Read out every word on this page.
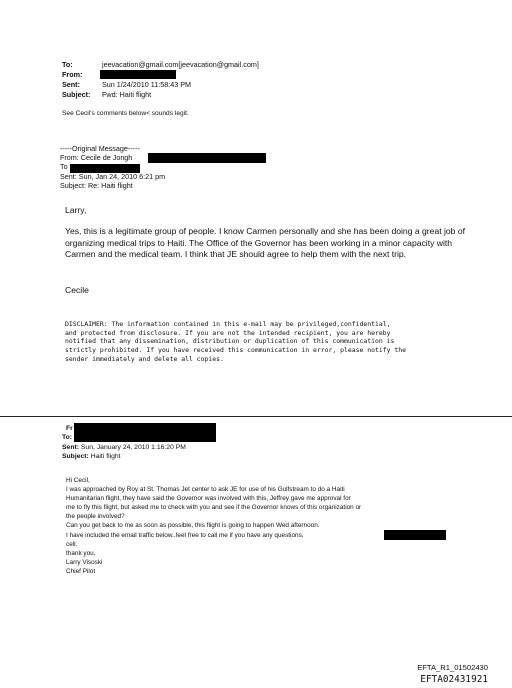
To:	jeevacation@gmail.com[jeevacation@gmail.com]
From:
Sent:	Sun 1/24/2010 11:58:43 PM
Subject: Fwd: Haiti flight
See Cecil's comments below< sounds legit.
-----Original Message-----
From: Cecile de Jongh
To
Sent: Sun, Jan 24, 2010 6:21 pm
Subject: Re: Haiti flight
Larry,
Yes, this is a legitimate group of people. I know Carmen personally and she has been doing a great job of organizing medical trips to Haiti. The Office of the Governor has been working in a minor capacity with Carmen and the medical team. I think that JE should agree to help them with the next trip.
Cecile
DISCLAIMER: The information contained in this e-mail may be privileged,confidential,
and protected from disclosure. If you are not the intended recipient, you are hereby
notified that any dissemination, distribution or duplication of this communication is
strictly prohibited. If you have received this communication in error, please notify the
sender immediately and delete all copies.
Fr
To:
Sent: Sun, January 24, 2010 1:16:20 PM
Subject: Haiti flight
Hi Cecil,
I was approached by Roy at St. Thomas Jet center to ask JE for use of his Gulfstream to do a Haiti
Humanitarian flight, they have said the Governor was involved with this, Jeffrey gave me approval for
me to fly this flight, but asked me to check with you and see if the Governor knows of this organization or
the people involved?
Can you get back to me as soon as possible, this flight is going to happen Wed afternoon.
I have included the email traffic below..feel free to call me if you have any questions,
cell.
thank you,
Larry Visoski
Chief Pilot
EFTA_R1_01502430
EFTA02431921
